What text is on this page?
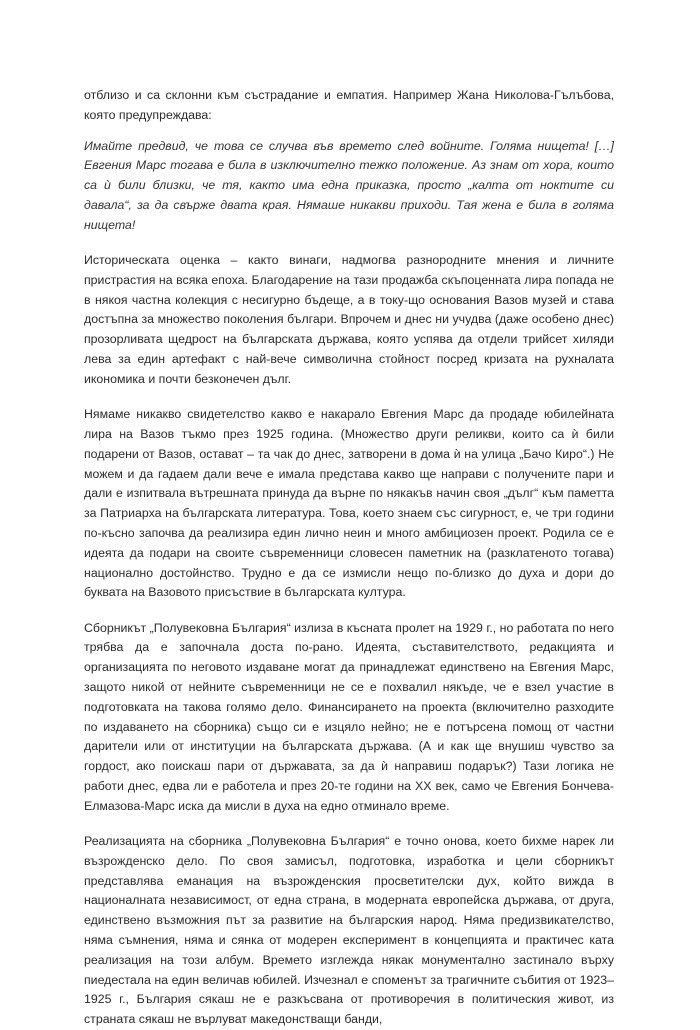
отблизо и са склонни към състрадание и емпатия. Например Жана Николова-Гълъбова, която предупреждава:

Имайте предвид, че това се случва във времето след войните. Голяма нищета! […] Евгения Марс тогава е била в изключително тежко положение. Аз знам от хора, които са ѝ били близки, че тя, както има една приказка, просто „калта от ноктите си давала“, за да свърже двата края. Нямаше никакви приходи. Тая жена е била в голяма нищета!

Историческата оценка – както винаги, надмогва разнородните мнения и личните пристрастия на всяка епоха. Благодарение на тази продажба скъпоценната лира попада не в някоя частна колекция с несигурно бъдеще, а в току-що основания Вазов музей и става достъпна за множество поколения българи. Впрочем и днес ни учудва (даже особено днес) прозорливата щедрост на българската държава, която успява да отдели трийсет хиляди лева за един артефакт с най-вече символична стойност посред кризата на рухналата икономика и почти безконечен дълг.

Нямаме никакво свидетелство какво е накарало Евгения Марс да продаде юбилейната лира на Вазов тъкмо през 1925 година. (Множество други реликви, които са ѝ били подарени от Вазов, остават – та чак до днес, затворени в дома ѝ на улица „Бачо Киро“.) Не можем и да гадаем дали вече е имала представа какво ще направи с получените пари и дали е изпитвала вътрешната принуда да върне по някакъв начин своя „дълг“ към паметта за Патриарха на българската литература. Това, което знаем със сигурност, е, че три години по-късно започва да реализира един лично неин и много амбициозен проект. Родила се е идеята да подари на своите съвременници словесен паметник на (разклатеното тогава) национално достойнство. Трудно е да се измисли нещо по-близко до духа и дори до буквата на Вазовото присъствие в българската култура.

Сборникът „Полувековна България“ излиза в късната пролет на 1929 г., но работата по него трябва да е започнала доста по-рано. Идеята, съставителството, редакцията и организацията по неговото издаване могат да принадлежат единствено на Евгения Марс, защото никой от нейните съвременници не се е похвалил някъде, че е взел участие в подготовката на такова голямо дело. Финансирането на проекта (включително разходите по издаването на сборника) също си е изцяло нейно; не е потърсена помощ от частни дарители или от институции на българската държава. (А и как ще внушиш чувство за гордост, ако поискаш пари от държавата, за да ѝ направиш подарък?) Тази логика не работи днес, едва ли е работела и през 20-те години на XX век, само че Евгения Бончева-Елмазова-Марс иска да мисли в духа на едно отминало време.

Реализацията на сборника „Полувековна България“ е точно онова, което бихме нарек ли възрожденско дело. По своя замисъл, подготовка, изработка и цели сборникът представлява еманация на възрожденския просветителски дух, който вижда в националната независимост, от една страна, в модерната европейска държава, от друга, единствено възможния път за развитие на българския народ. Няма предизвикателство, няма съмнения, няма и сянка от модерен експеримент в концепцията и практичес ката реализация на този албум. Времето изглежда някак монументално застинало върху пиедестала на един величав юбилей. Изчезнал е споменът за трагичните събития от 1923–1925 г., България сякаш не е разкъсвана от противоречия в политическия живот, из страната сякаш не върлуват македонстващи банди,
